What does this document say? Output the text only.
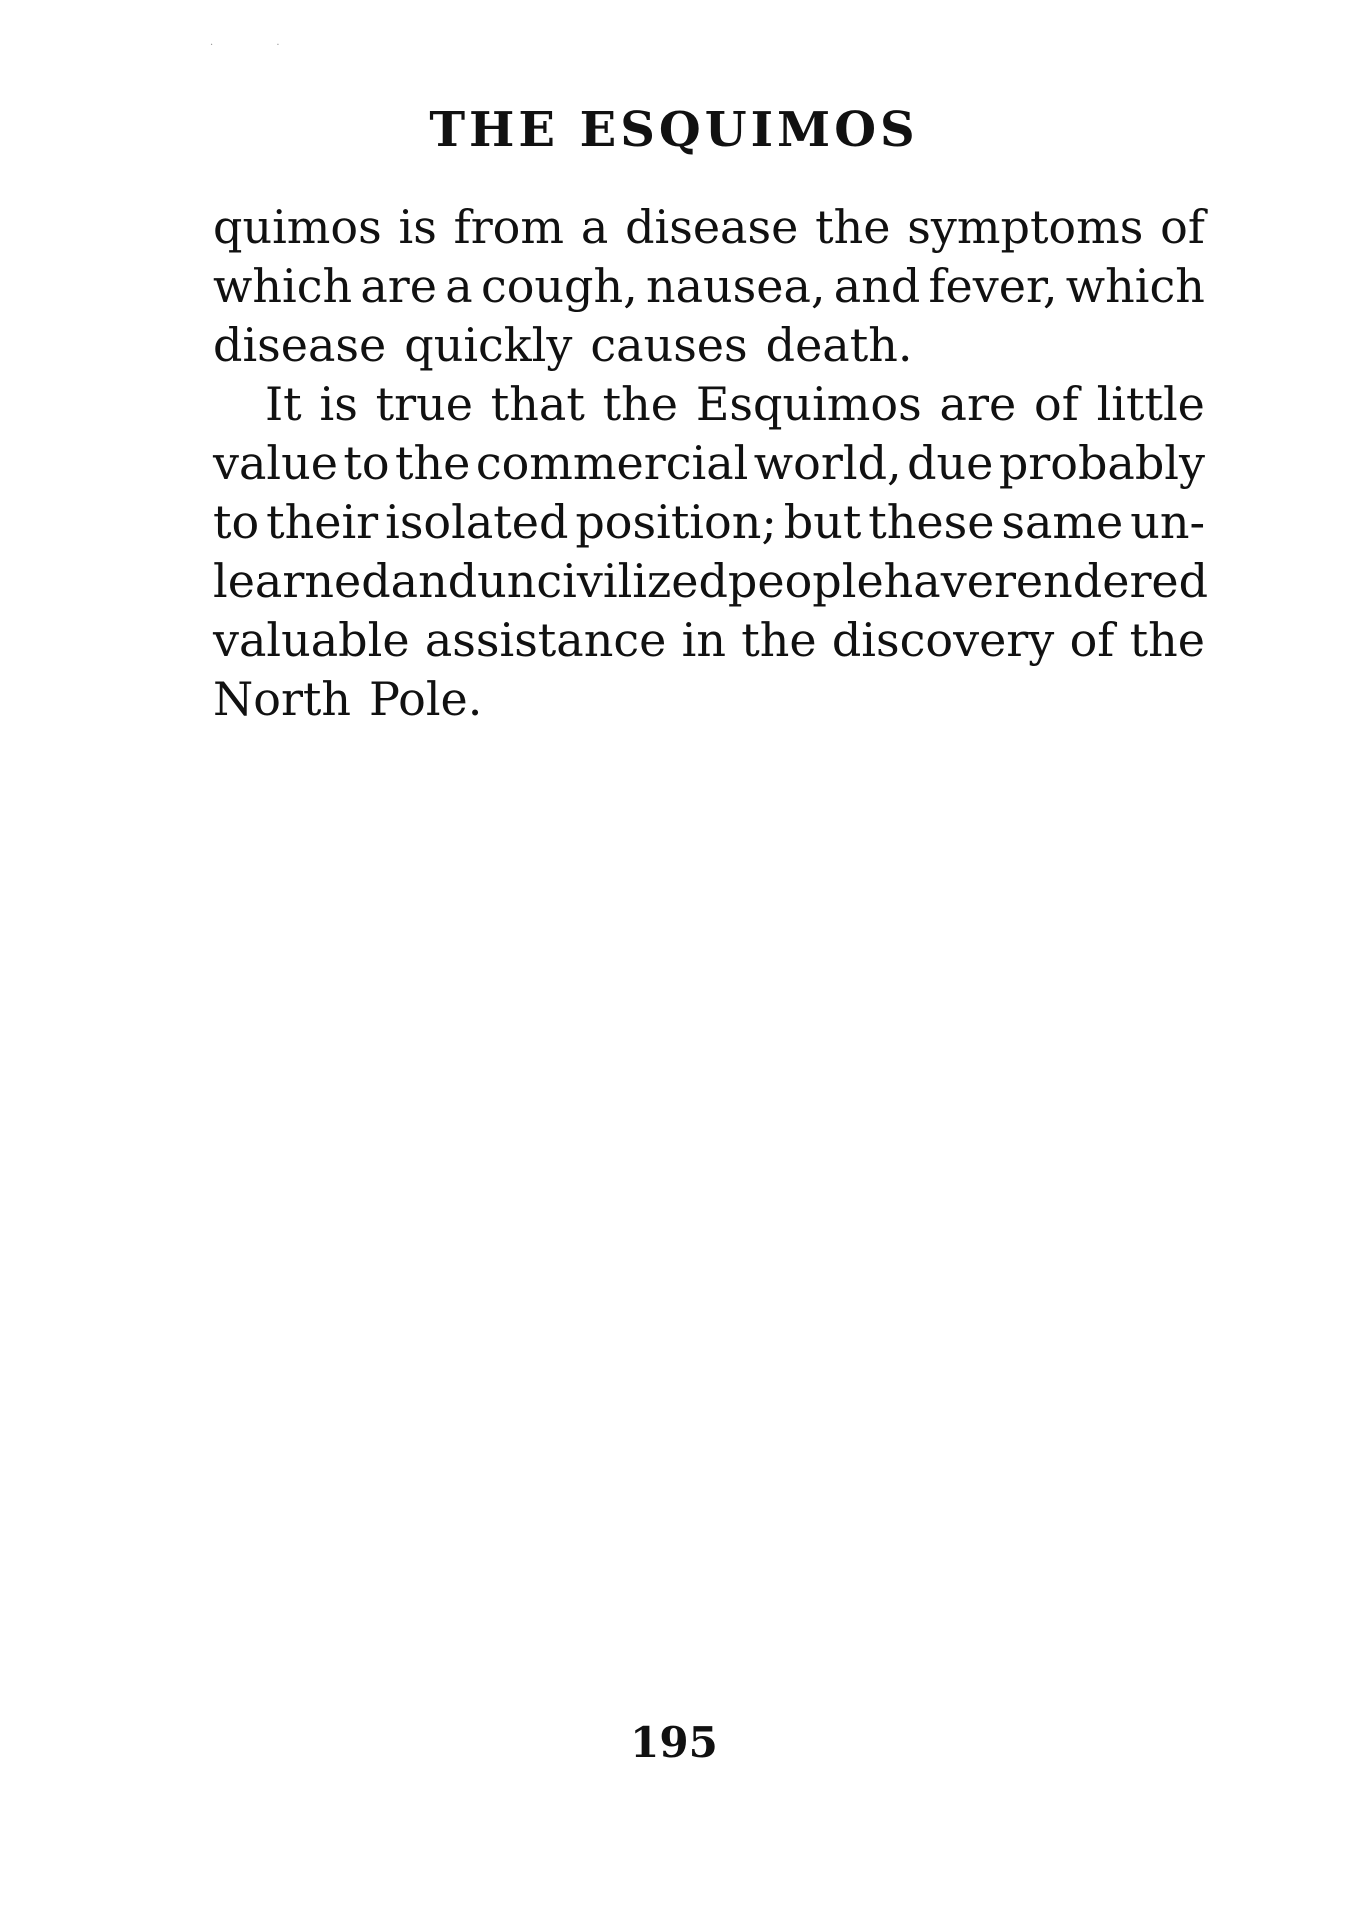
· ·
THE ESQUIMOS
quimos is from a disease the symptoms of
which are a cough, nausea, and fever, which
disease quickly causes death.
It is true that the Esquimos are of little
value to the commercial world, due probably
to their isolated position; but these same un-
learned and uncivilized people have rendered
valuable assistance in the discovery of the
North Pole.
195
